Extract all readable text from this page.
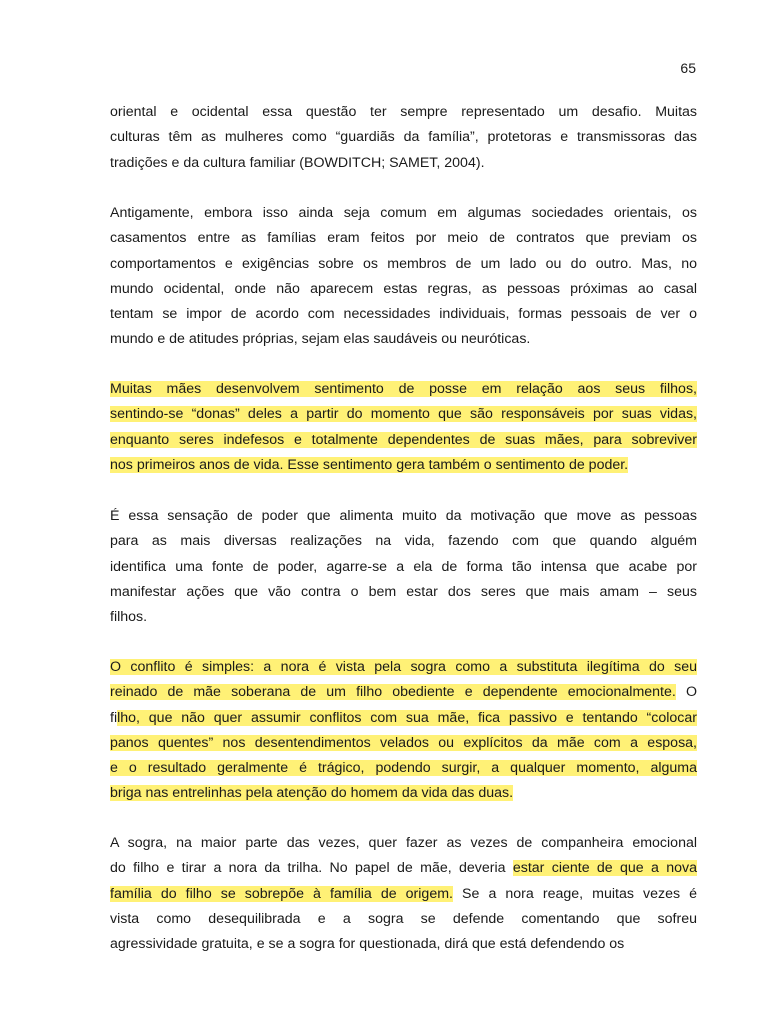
65
oriental e ocidental essa questão ter sempre representado um desafio. Muitas
culturas têm as mulheres como “guardiãs da família”, protetoras e transmissoras das
tradições e da cultura familiar (BOWDITCH; SAMET, 2004).
Antigamente, embora isso ainda seja comum em algumas sociedades orientais, os
casamentos entre as famílias eram feitos por meio de contratos que previam os
comportamentos e exigências sobre os membros de um lado ou do outro. Mas, no
mundo ocidental, onde não aparecem estas regras, as pessoas próximas ao casal
tentam se impor de acordo com necessidades individuais, formas pessoais de ver o
mundo e de atitudes próprias, sejam elas saudáveis ou neuróticas.
Muitas mães desenvolvem sentimento de posse em relação aos seus filhos,
sentindo-se “donas” deles a partir do momento que são responsáveis por suas vidas,
enquanto seres indefesos e totalmente dependentes de suas mães, para sobreviver
nos primeiros anos de vida. Esse sentimento gera também o sentimento de poder.
É essa sensação de poder que alimenta muito da motivação que move as pessoas
para as mais diversas realizações na vida, fazendo com que quando alguém
identifica uma fonte de poder, agarre-se a ela de forma tão intensa que acabe por
manifestar ações que vão contra o bem estar dos seres que mais amam – seus
filhos.
O conflito é simples: a nora é vista pela sogra como a substituta ilegítima do seu
reinado de mãe soberana de um filho obediente e dependente emocionalmente. O
filho, que não quer assumir conflitos com sua mãe, fica passivo e tentando “colocar
panos quentes” nos desentendimentos velados ou explícitos da mãe com a esposa,
e o resultado geralmente é trágico, podendo surgir, a qualquer momento, alguma
briga nas entrelinhas pela atenção do homem da vida das duas.
A sogra, na maior parte das vezes, quer fazer as vezes de companheira emocional
do filho e tirar a nora da trilha. No papel de mãe, deveria estar ciente de que a nova
família do filho se sobrepõe à família de origem. Se a nora reage, muitas vezes é
vista como desequilibrada e a sogra se defende comentando que sofreu
agressividade gratuita, e se a sogra for questionada, dirá que está defendendo os
